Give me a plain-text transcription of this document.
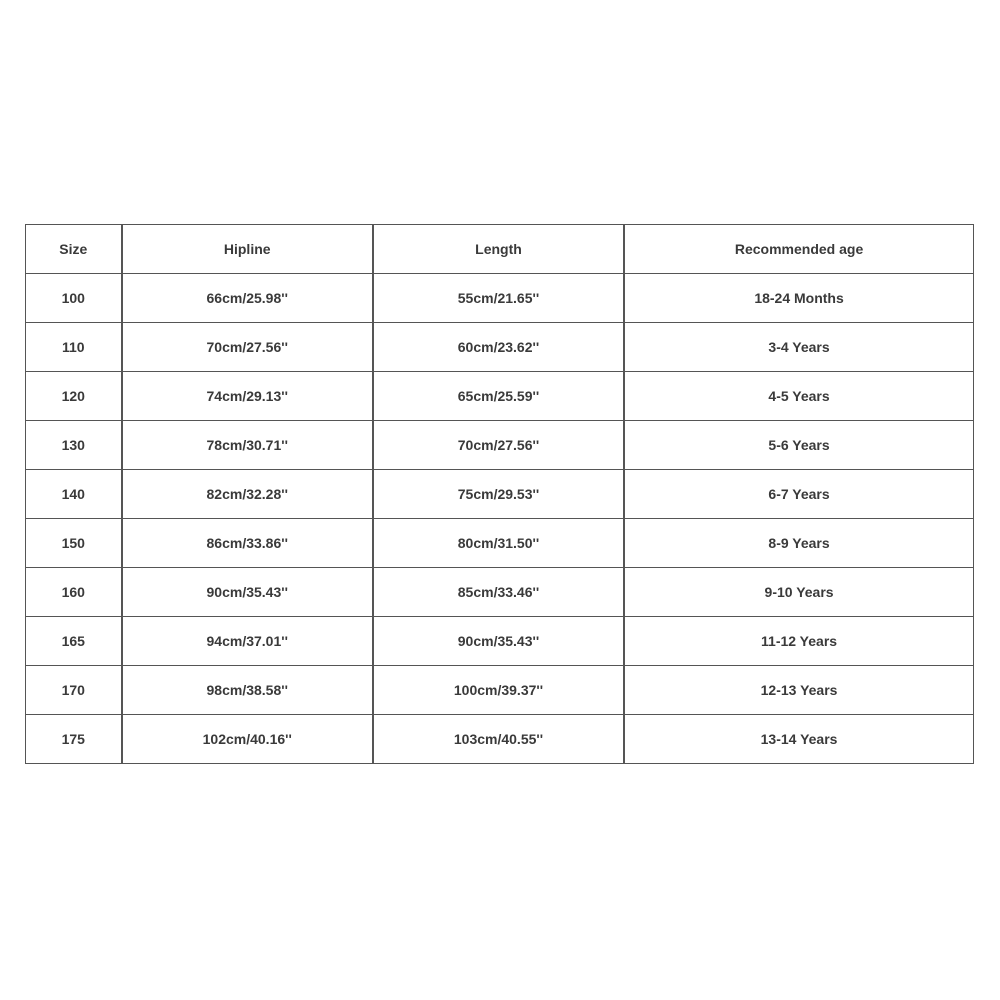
Size	Hipline	Length	Recommended age
100	66cm/25.98''	55cm/21.65''	18-24 Months
110	70cm/27.56''	60cm/23.62''	3-4 Years
120	74cm/29.13''	65cm/25.59''	4-5 Years
130	78cm/30.71''	70cm/27.56''	5-6 Years
140	82cm/32.28''	75cm/29.53''	6-7 Years
150	86cm/33.86''	80cm/31.50''	8-9 Years
160	90cm/35.43''	85cm/33.46''	9-10 Years
165	94cm/37.01''	90cm/35.43''	11-12 Years
170	98cm/38.58''	100cm/39.37''	12-13 Years
175	102cm/40.16''	103cm/40.55''	13-14 Years
